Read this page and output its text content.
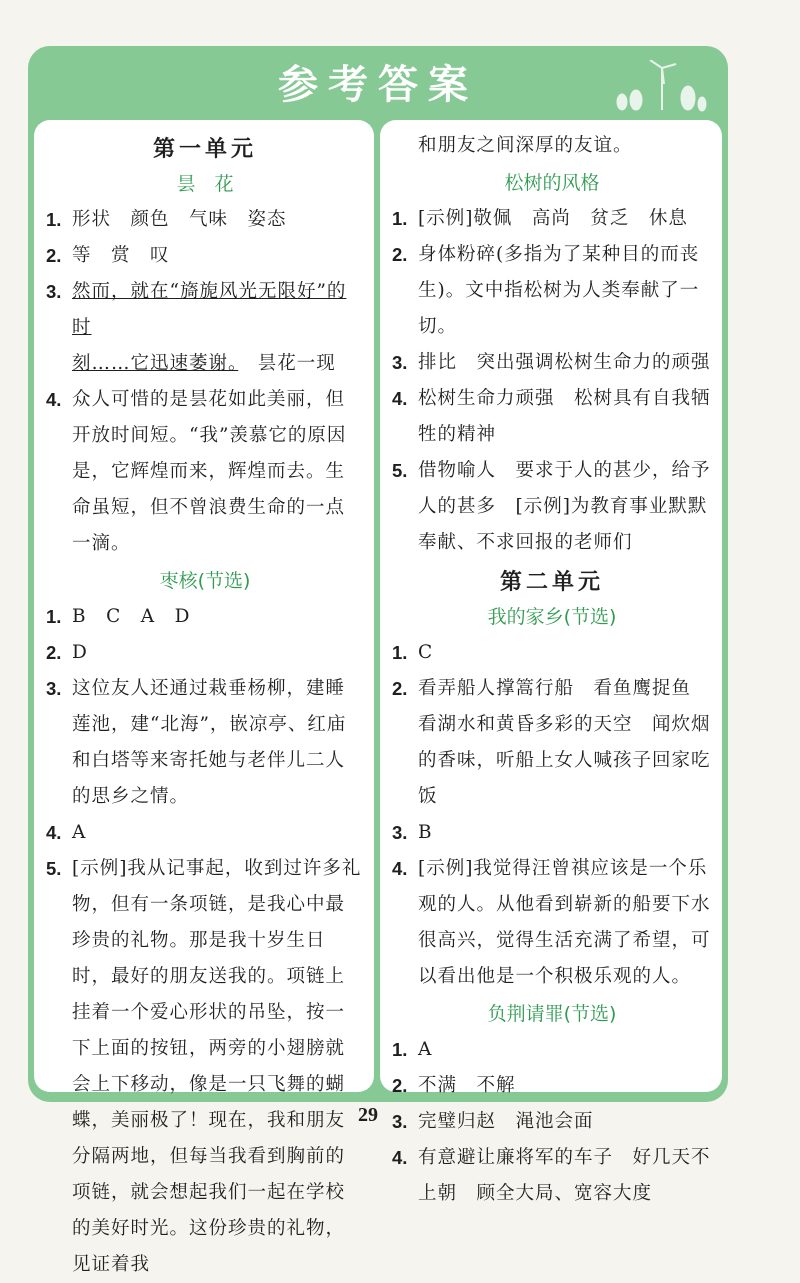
参考答案
第一单元
昙　花
1. 形状　颜色　气味　姿态
2. 等　赏　叹
3. 然而，就在“旖旎风光无限好”的时
刻……它迅速萎谢。　昙花一现
4. 众人可惜的是昙花如此美丽，但开放时间短。“我”羡慕它的原因是，它辉煌而来，辉煌而去。生命虽短，但不曾浪费生命的一点一滴。
枣核(节选)
1. B　C　A　D
2. D
3. 这位友人还通过栽垂杨柳，建睡莲池，建“北海”，嵌凉亭、红庙和白塔等来寄托她与老伴儿二人的思乡之情。
4. A
5. [示例]我从记事起，收到过许多礼物，但有一条项链，是我心中最珍贵的礼物。那是我十岁生日时，最好的朋友送我的。项链上挂着一个爱心形状的吊坠，按一下上面的按钮，两旁的小翅膀就会上下移动，像是一只飞舞的蝴蝶，美丽极了！现在，我和朋友分隔两地，但每当我看到胸前的项链，就会想起我们一起在学校的美好时光。这份珍贵的礼物，见证着我
和朋友之间深厚的友谊。
松树的风格
1. [示例]敬佩　高尚　贫乏　休息
2. 身体粉碎(多指为了某种目的而丧生)。文中指松树为人类奉献了一切。
3. 排比　突出强调松树生命力的顽强
4. 松树生命力顽强　松树具有自我牺牲的精神
5. 借物喻人　要求于人的甚少，给予人的甚多　[示例]为教育事业默默奉献、不求回报的老师们
第二单元
我的家乡(节选)
1. C
2. 看弄船人撑篙行船　看鱼鹰捉鱼　看湖水和黄昏多彩的天空　闻炊烟的香味，听船上女人喊孩子回家吃饭
3. B
4. [示例]我觉得汪曾祺应该是一个乐观的人。从他看到崭新的船要下水很高兴，觉得生活充满了希望，可以看出他是一个积极乐观的人。
负荆请罪(节选)
1. A
2. 不满　不解
3. 完璧归赵　渑池会面
4. 有意避让廉将军的车子　好几天不上朝　顾全大局、宽容大度
29
